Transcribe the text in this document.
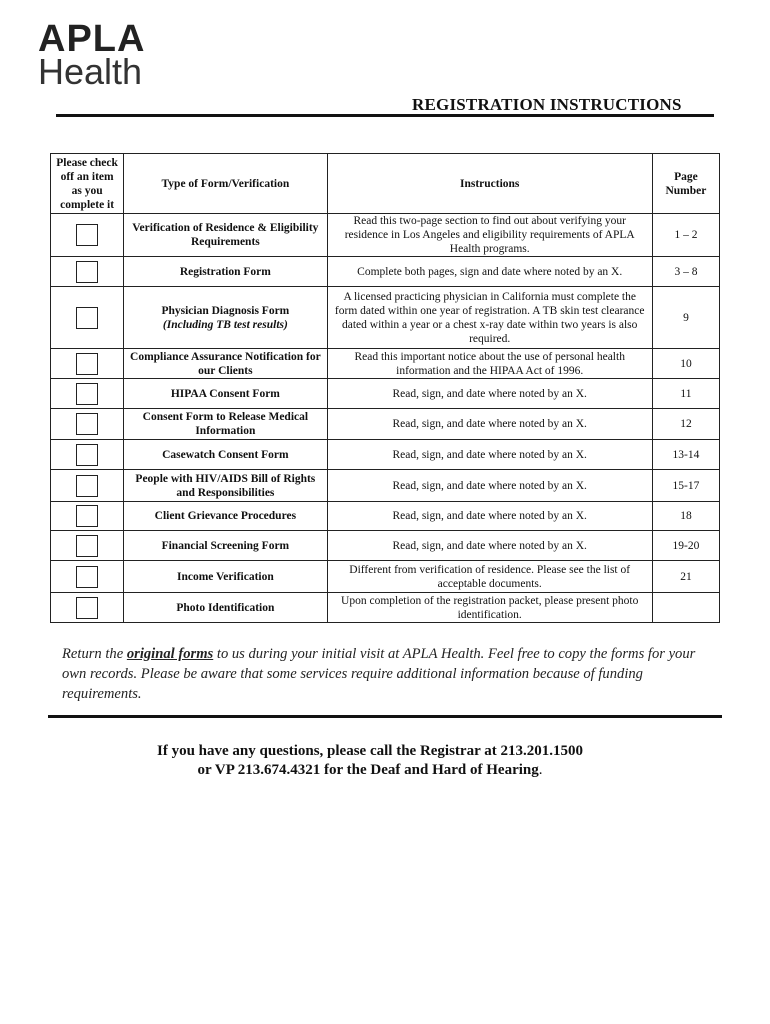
APLA
Health
REGISTRATION INSTRUCTIONS
Please check off an item as you complete it	Type of Form/Verification	Instructions	Page Number

	Verification of Residence & Eligibility Requirements	Read this two-page section to find out about verifying your residence in Los Angeles and eligibility requirements of APLA Health programs.	1 – 2

	Registration Form	Complete both pages, sign and date where noted by an X.	3 – 8

	Physician Diagnosis Form
(Including TB test results)	A licensed practicing physician in California must complete the form dated within one year of registration. A TB skin test clearance dated within a year or a chest x-ray date within two years is also required.	9

	Compliance Assurance Notification for our Clients	Read this important notice about the use of personal health information and the HIPAA Act of 1996.	10

	HIPAA Consent Form	Read, sign, and date where noted by an X.	11

	Consent Form to Release Medical Information	Read, sign, and date where noted by an X.	12

	Casewatch Consent Form	Read, sign, and date where noted by an X.	13-14

	People with HIV/AIDS Bill of Rights and Responsibilities	Read, sign, and date where noted by an X.	15-17

	Client Grievance Procedures	Read, sign, and date where noted by an X.	18

	Financial Screening Form	Read, sign, and date where noted by an X.	19-20

	Income Verification	Different from verification of residence. Please see the list of acceptable documents.	21

	Photo Identification	Upon completion of the registration packet, please present photo identification.	
Return the original forms to us during your initial visit at APLA Health. Feel free to copy the forms for your own records. Please be aware that some services require additional information because of funding requirements.
If you have any questions, please call the Registrar at 213.201.1500
or VP 213.674.4321 for the Deaf and Hard of Hearing.
